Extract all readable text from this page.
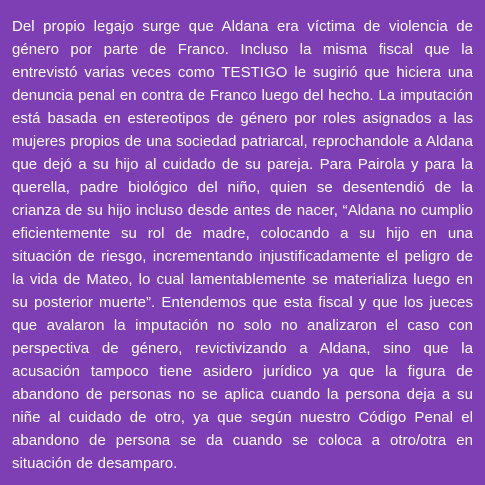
Del propio legajo surge que Aldana era víctima de violencia de género por parte de Franco. Incluso la misma fiscal que la entrevistó varias veces como TESTIGO le sugirió que hiciera una denuncia penal en contra de Franco luego del hecho. La imputación está basada en estereotipos de género por roles asignados a las mujeres propios de una sociedad patriarcal, reprochandole a Aldana que dejó a su hijo al cuidado de su pareja. Para Pairola y para la querella, padre biológico del niño, quien se desentendió de la crianza de su hijo incluso desde antes de nacer, “Aldana no cumplio eficientemente su rol de madre, colocando a su hijo en una situación de riesgo, incrementando injustificadamente el peligro de la vida de Mateo, lo cual lamentablemente se materializa luego en su posterior muerte”. Entendemos que esta fiscal y que los jueces que avalaron la imputación no solo no analizaron el caso con perspectiva de género, revictivizando a Aldana, sino que la acusación tampoco tiene asidero jurídico ya que la figura de abandono de personas no se aplica cuando la persona deja a su niñe al cuidado de otro, ya que según nuestro Código Penal el abandono de persona se da cuando se coloca a otro/otra en situación de desamparo.
